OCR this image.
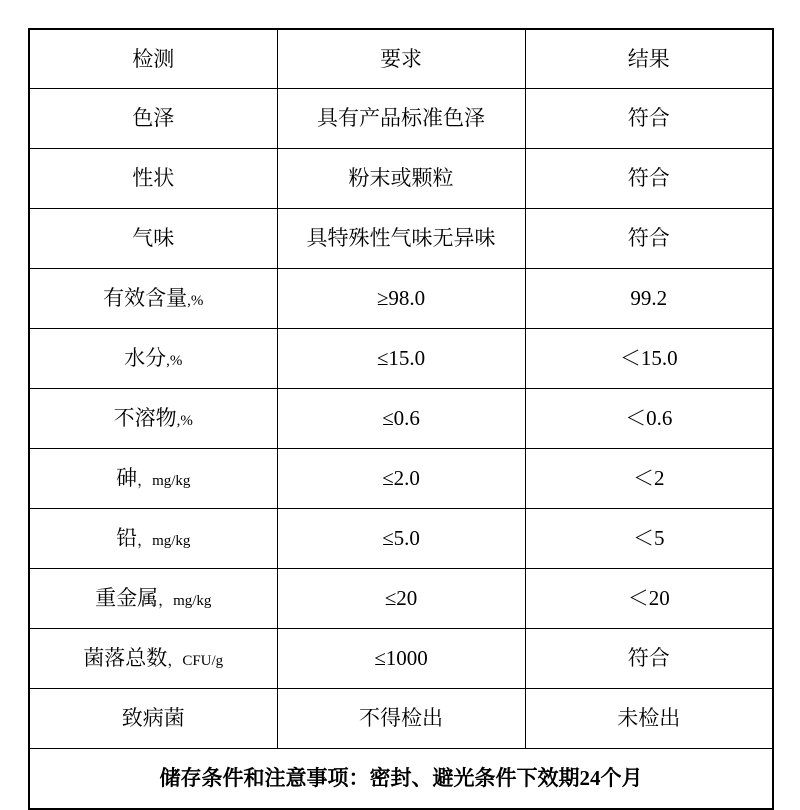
检测	要求	结果
色泽	具有产品标准色泽	符合
性状	粉末或颗粒	符合
气味	具特殊性气味无异味	符合
有效含量,%	≥98.0	99.2
水分,%	≤15.0	＜15.0
不溶物,%	≤0.6	＜0.6
砷，mg/kg	≤2.0	＜2
铅，mg/kg	≤5.0	＜5
重金属，mg/kg	≤20	＜20
菌落总数，CFU/g	≤1000	符合
致病菌	不得检出	未检出
储存条件和注意事项：密封、避光条件下效期24个月		
